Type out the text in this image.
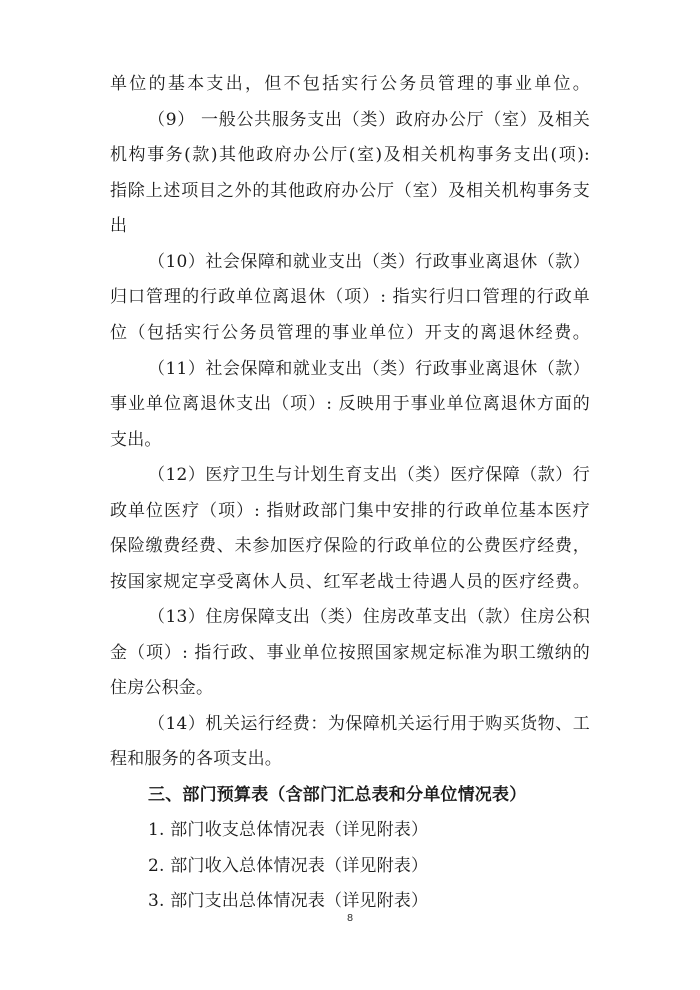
单位的基本支出，但不包括实行公务员管理的事业单位。
（9） 一般公共服务支出（类）政府办公厅（室）及相关
机构事务(款)其他政府办公厅(室)及相关机构事务支出(项):
指除上述项目之外的其他政府办公厅（室）及相关机构事务支
出
（10）社会保障和就业支出（类）行政事业离退休（款）
归口管理的行政单位离退休（项）: 指实行归口管理的行政单
位（包括实行公务员管理的事业单位）开支的离退休经费。
（11）社会保障和就业支出（类）行政事业离退休（款）
事业单位离退休支出（项）: 反映用于事业单位离退休方面的
支出。
（12）医疗卫生与计划生育支出（类）医疗保障（款）行
政单位医疗（项）: 指财政部门集中安排的行政单位基本医疗
保险缴费经费、未参加医疗保险的行政单位的公费医疗经费，
按国家规定享受离休人员、红军老战士待遇人员的医疗经费。
（13）住房保障支出（类）住房改革支出（款）住房公积
金（项）: 指行政、事业单位按照国家规定标准为职工缴纳的
住房公积金。
（14）机关运行经费：为保障机关运行用于购买货物、工
程和服务的各项支出。
三、部门预算表（含部门汇总表和分单位情况表）
1. 部门收支总体情况表（详见附表）
2. 部门收入总体情况表（详见附表）
3. 部门支出总体情况表（详见附表）
8
